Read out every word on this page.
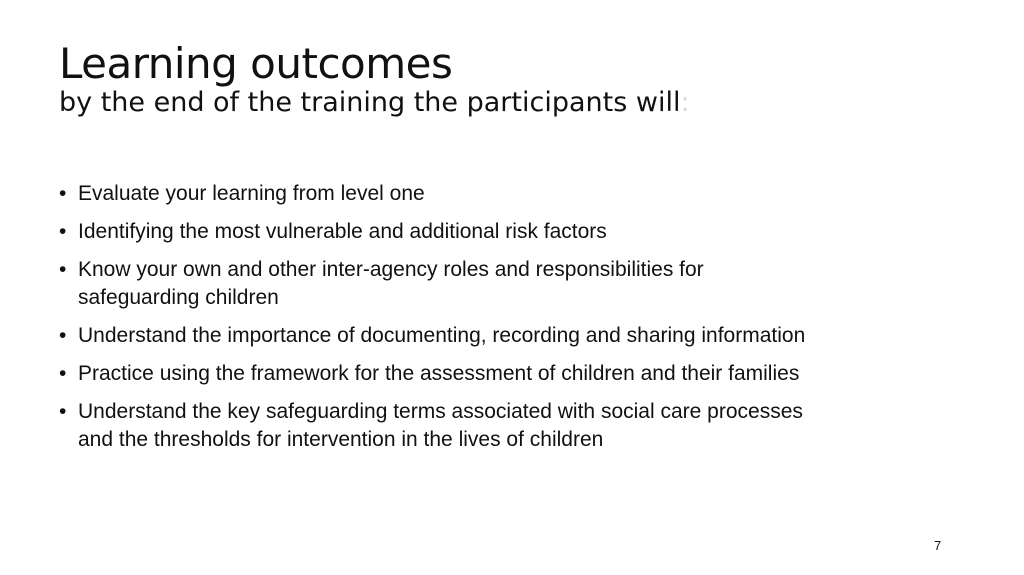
Learning outcomes

by the end of the training the participants will:

• Evaluate your learning from level one
• Identifying the most vulnerable and additional risk factors
• Know your own and other inter-agency roles and responsibilities for safeguarding children
• Understand the importance of documenting, recording and sharing information
• Practice using the framework for the assessment of children and their families
• Understand the key safeguarding terms associated with social care processes and the thresholds for intervention in the lives of children
7
